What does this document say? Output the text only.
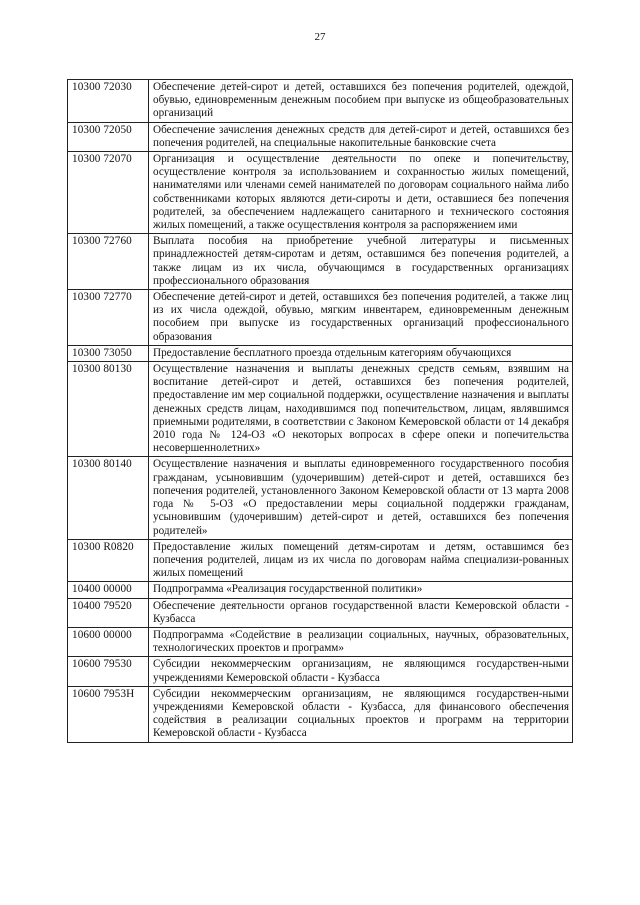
27
10300 72030	Обеспечение детей-сирот и детей, оставшихся без попечения родителей, одеждой, обувью, единовременным денежным пособием при выпуске из общеобразовательных организаций
10300 72050	Обеспечение зачисления денежных средств для детей-сирот и детей, оставшихся без попечения родителей, на специальные накопительные банковские счета
10300 72070	Организация и осуществление деятельности по опеке и попечительству, осуществление контроля за использованием и сохранностью жилых помещений, нанимателями или членами семей нанимателей по договорам социального найма либо собственниками которых являются дети-сироты и дети, оставшиеся без попечения родителей, за обеспечением надлежащего санитарного и технического состояния жилых помещений, а также осуществления контроля за распоряжением ими
10300 72760	Выплата пособия на приобретение учебной литературы и письменных принадлежностей детям-сиротам и детям, оставшимся без попечения родителей, а также лицам из их числа, обучающимся в государственных организациях профессионального образования
10300 72770	Обеспечение детей-сирот и детей, оставшихся без попечения родителей, а также лиц из их числа одеждой, обувью, мягким инвентарем, единовременным денежным пособием при выпуске из государственных организаций профессионального образования
10300 73050	Предоставление бесплатного проезда отдельным категориям обучающихся
10300 80130	Осуществление назначения и выплаты денежных средств семьям, взявшим на воспитание детей-сирот и детей, оставшихся без попечения родителей, предоставление им мер социальной поддержки, осуществление назначения и выплаты денежных средств лицам, находившимся под попечительством, лицам, являвшимся приемными родителями, в соответствии с Законом Кемеровской области от 14 декабря 2010 года № 124-ОЗ «О некоторых вопросах в сфере опеки и попечительства несовершеннолетних»
10300 80140	Осуществление назначения и выплаты единовременного государственного пособия гражданам, усыновившим (удочерившим) детей-сирот и детей, оставшихся без попечения родителей, установленного Законом Кемеровской области от 13 марта 2008 года № 5-ОЗ «О предоставлении меры социальной поддержки гражданам, усыновившим (удочерившим) детей-сирот и детей, оставшихся без попечения родителей»
10300 R0820	Предоставление жилых помещений детям-сиротам и детям, оставшимся без попечения родителей, лицам из их числа по договорам найма специализи-рованных жилых помещений
10400 00000	Подпрограмма «Реализация государственной политики»
10400 79520	Обеспечение деятельности органов государственной власти Кемеровской области - Кузбасса
10600 00000	Подпрограмма «Содействие в реализации социальных, научных, образовательных, технологических проектов и программ»
10600 79530	Субсидии некоммерческим организациям, не являющимся государствен-ными учреждениями Кемеровской области - Кузбасса
10600 7953Н	Субсидии некоммерческим организациям, не являющимся государствен-ными учреждениями Кемеровской области - Кузбасса, для финансового обеспечения содействия в реализации социальных проектов и программ на территории Кемеровской области - Кузбасса
